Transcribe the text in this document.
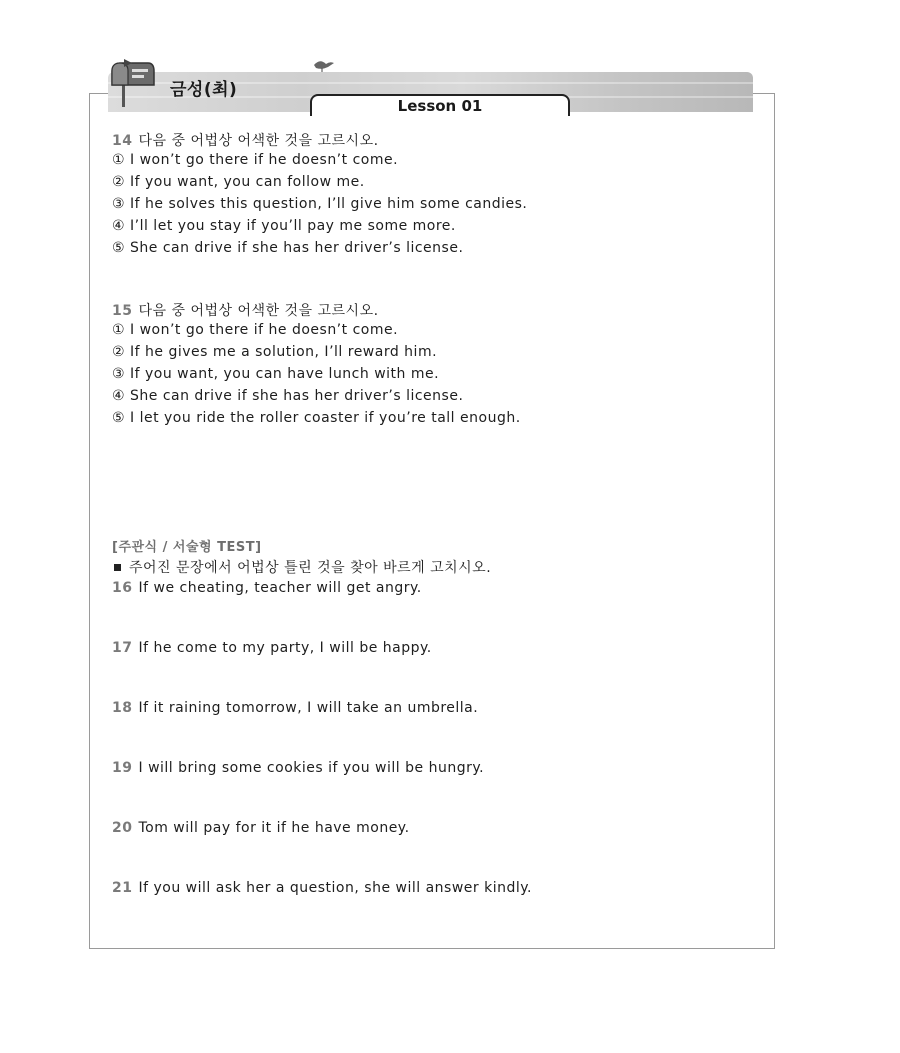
금성(최)
Lesson 01
14 다음 중 어법상 어색한 것을 고르시오.
① I won’t go there if he doesn’t come.
② If you want, you can follow me.
③ If he solves this question, I’ll give him some candies.
④ I’ll let you stay if you’ll pay me some more.
⑤ She can drive if she has her driver’s license.
15 다음 중 어법상 어색한 것을 고르시오.
① I won’t go there if he doesn’t come.
② If he gives me a solution, I’ll reward him.
③ If you want, you can have lunch with me.
④ She can drive if she has her driver’s license.
⑤ I let you ride the roller coaster if you’re tall enough.
[주관식 / 서술형 TEST]
주어진 문장에서 어법상 틀린 것을 찾아 바르게 고치시오.
16 If we cheating, teacher will get angry.
17 If he come to my party, I will be happy.
18 If it raining tomorrow, I will take an umbrella.
19 I will bring some cookies if you will be hungry.
20 Tom will pay for it if he have money.
21 If you will ask her a question, she will answer kindly.
